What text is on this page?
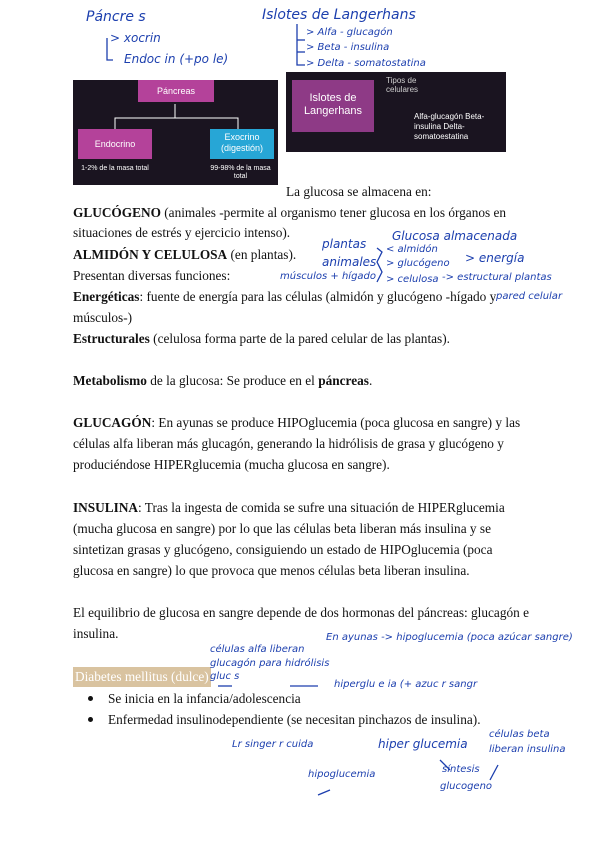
Páncre s
> xocrin
Endoc in (+po le)
Islotes de Langerhans
> Alfa - glucagón
> Beta - insulina
> Delta - somatostatina
Páncreas
Endocrino
Exocrino (digestión)
1-2% de la masa total	99-98% de la masa total
Islotes de Langerhans
Tipos de celulares
Alfa-glucagón Beta-insulina Delta-somatoestatina
La glucosa se almacena en:
GLUCÓGENO (animales -permite al organismo tener glucosa en los órganos en
situaciones de estrés y ejercicio intenso).
ALMIDÓN Y CELULOSA (en plantas).
Presentan diversas funciones:
Energéticas: fuente de energía para las células (almidón y glucógeno -hígado y
músculos-)
Estructurales (celulosa forma parte de la pared celular de las plantas).
Metabolismo de la glucosa: Se produce en el páncreas.
GLUCAGÓN: En ayunas se produce HIPOglucemia (poca glucosa en sangre) y las
células alfa liberan más glucagón, generando la hidrólisis de grasa y glucógeno y
produciéndose HIPERglucemia (mucha glucosa en sangre).
INSULINA: Tras la ingesta de comida se sufre una situación de HIPERglucemia
(mucha glucosa en sangre) por lo que las células beta liberan más insulina y se
sintetizan grasas y glucógeno, consiguiendo un estado de HIPOglucemia (poca
glucosa en sangre) lo que provoca que menos células beta liberan insulina.
El equilibrio de glucosa en sangre depende de dos hormonas del páncreas: glucagón e
insulina.
Diabetes mellitus (dulce)
Se inicia en la infancia/adolescencia
Enfermedad insulinodependiente (se necesitan pinchazos de insulina).
plantas
Glucosa almacenada
< almidón
animales > glucógeno > energía
músculos + hígado > celulosa -> estructural plantas
pared celular
células alfa liberan
glucagón para hidrólisis
gluc s
En ayunas -> hipoglucemia (poca azúcar sangre)
hiperglu e ia (+ azuc r sangr
Lr singer r cuida	hiper glucemia
células beta
liberan insulina
hipoglucemia	síntesis
glucogeno
